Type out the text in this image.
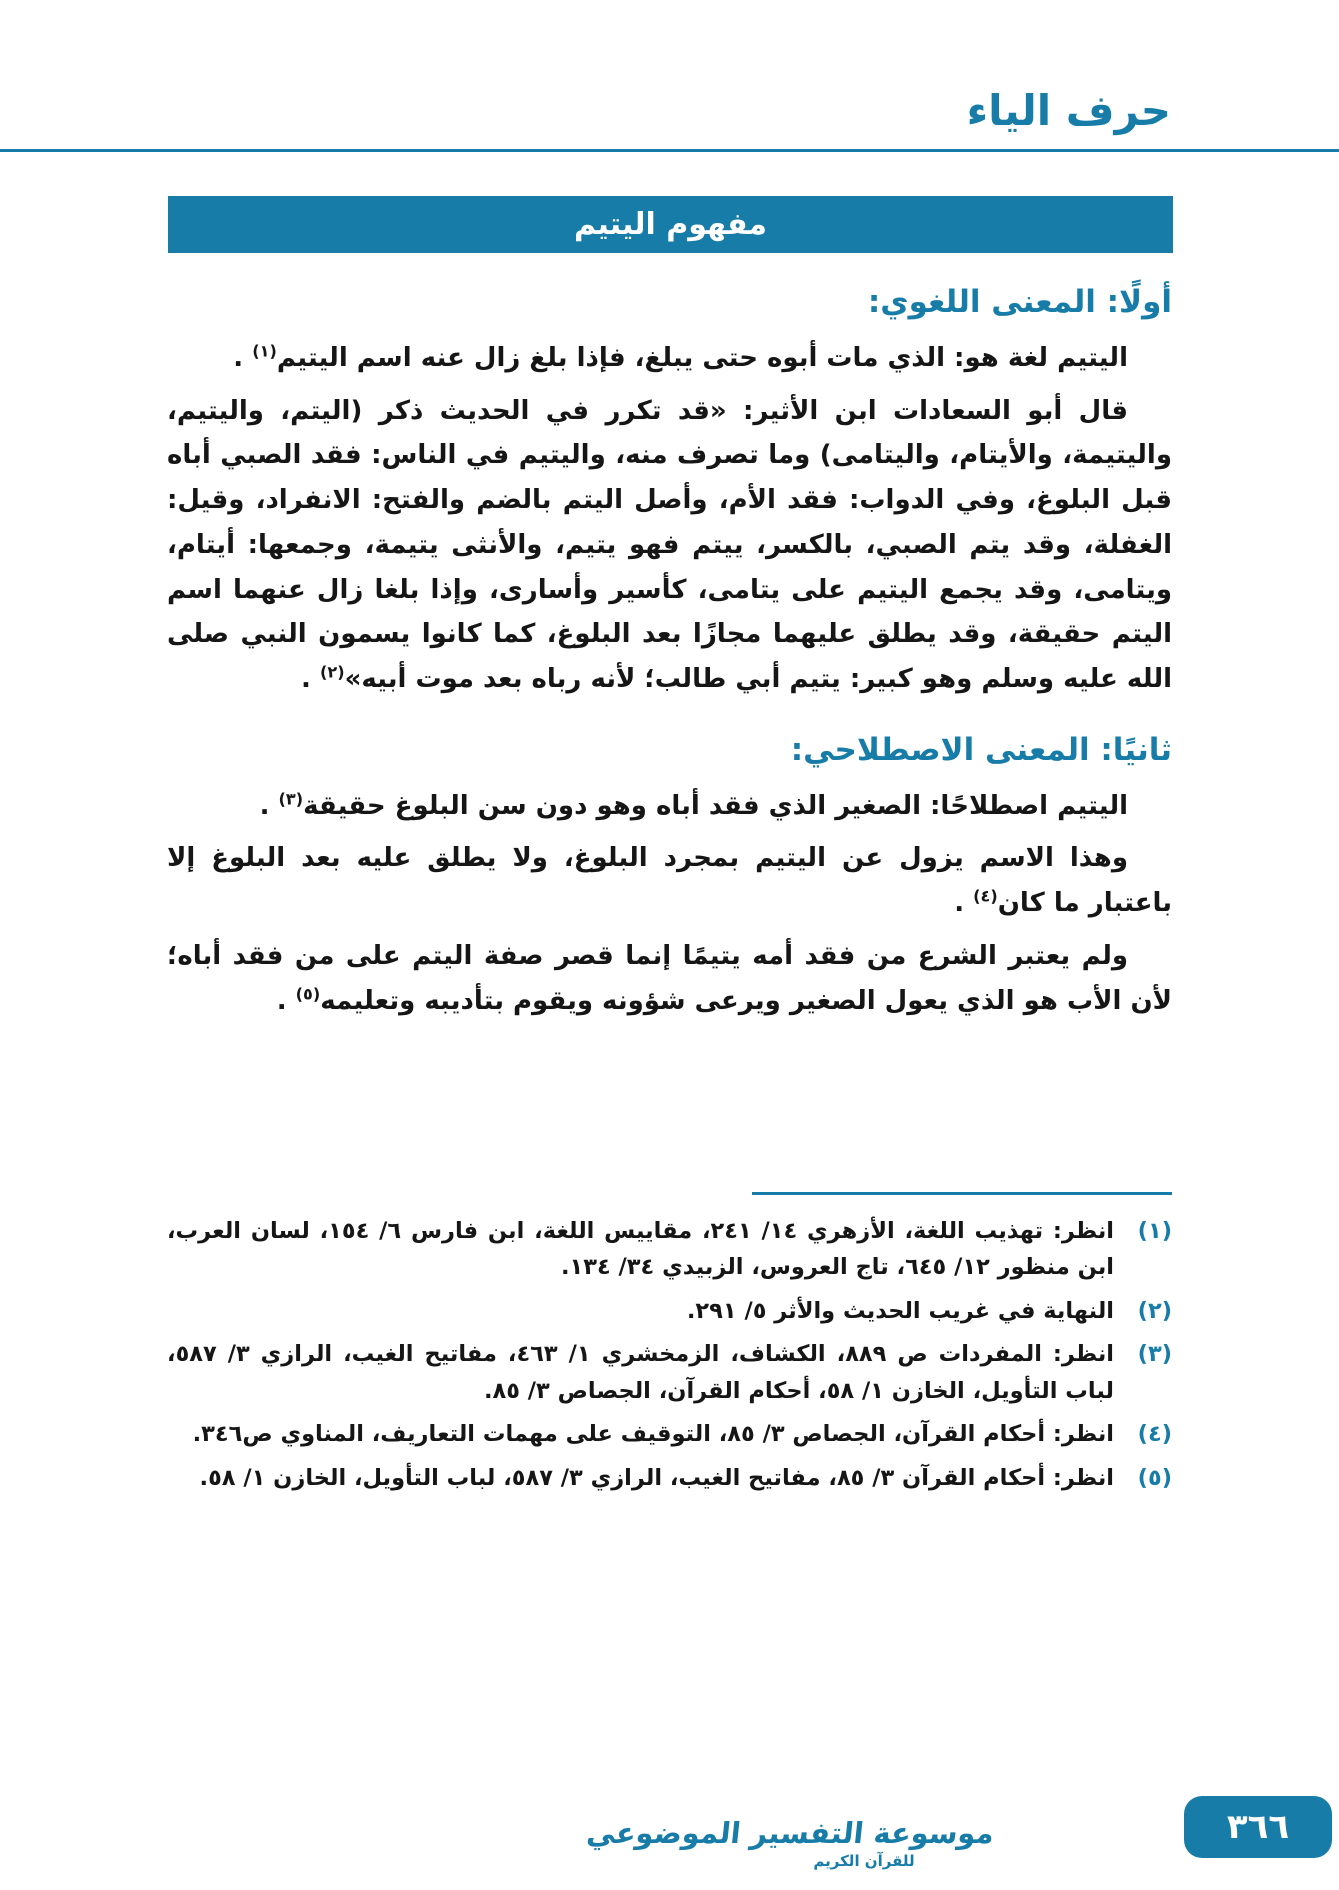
حرف الياء
مفهوم اليتيم
أولًا: المعنى اللغوي:

اليتيم لغة هو: الذي مات أبوه حتى يبلغ، فإذا بلغ زال عنه اسم اليتيم$^{(١)}$ .

قال أبو السعادات ابن الأثير: «قد تكرر في الحديث ذكر (اليتم، واليتيم، واليتيمة، والأيتام، واليتامى) وما تصرف منه، واليتيم في الناس: فقد الصبي أباه قبل البلوغ، وفي الدواب: فقد الأم، وأصل اليتم بالضم والفتح: الانفراد، وقيل: الغفلة، وقد يتم الصبي، بالكسر، ييتم فهو يتيم، والأنثى يتيمة، وجمعها: أيتام، ويتامى، وقد يجمع اليتيم على يتامى، كأسير وأسارى، وإذا بلغا زال عنهما اسم اليتم حقيقة، وقد يطلق عليهما مجازًا بعد البلوغ، كما كانوا يسمون النبي صلى الله عليه وسلم وهو كبير: يتيم أبي طالب؛ لأنه رباه بعد موت أبيه»$^{(٢)}$ .

ثانيًا: المعنى الاصطلاحي:

اليتيم اصطلاحًا: الصغير الذي فقد أباه وهو دون سن البلوغ حقيقة$^{(٣)}$ .

وهذا الاسم يزول عن اليتيم بمجرد البلوغ، ولا يطلق عليه بعد البلوغ إلا باعتبار ما كان$^{(٤)}$ .

ولم يعتبر الشرع من فقد أمه يتيمًا إنما قصر صفة اليتم على من فقد أباه؛ لأن الأب هو الذي يعول الصغير ويرعى شؤونه ويقوم بتأديبه وتعليمه$^{(٥)}$ .

(١)
انظر: تهذيب اللغة، الأزهري ١٤/ ٢٤١، مقاييس اللغة، ابن فارس ٦/ ١٥٤، لسان العرب، ابن منظور ١٢/ ٦٤٥، تاج العروس، الزبيدي ٣٤/ ١٣٤.
(٢)
النهاية في غريب الحديث والأثر ٥/ ٢٩١.
(٣)
انظر: المفردات ص ٨٨٩، الكشاف، الزمخشري ١/ ٤٦٣، مفاتيح الغيب، الرازي ٣/ ٥٨٧، لباب التأويل، الخازن ١/ ٥٨، أحكام القرآن، الجصاص ٣/ ٨٥.
(٤)
انظر: أحكام القرآن، الجصاص ٣/ ٨٥، التوقيف على مهمات التعاريف، المناوي ص٣٤٦.
(٥)
انظر: أحكام القرآن ٣/ ٨٥، مفاتيح الغيب، الرازي ٣/ ٥٨٧، لباب التأويل، الخازن ١/ ٥٨.
موسوعة التفسير الموضوعي
للقرآن الكريم
٣٦٦
